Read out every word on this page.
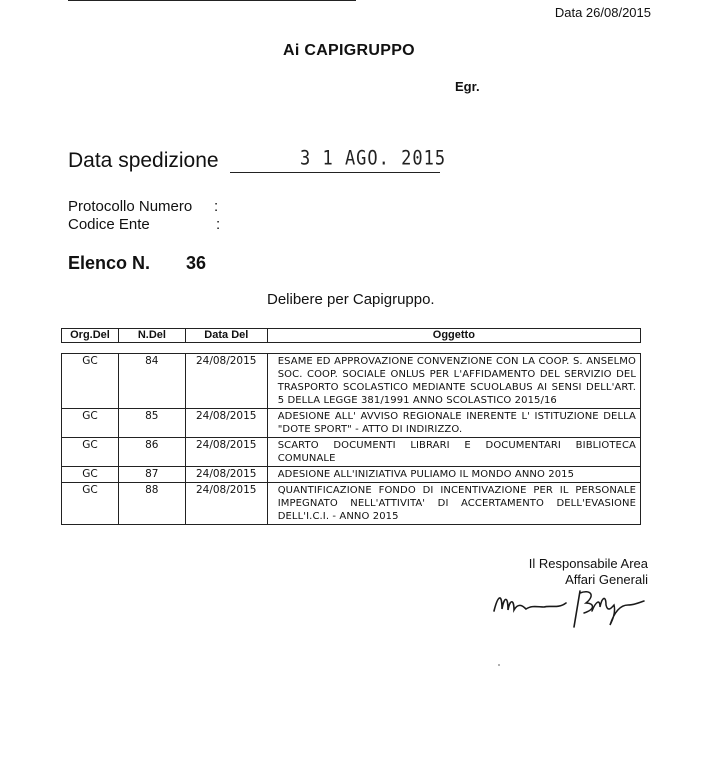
Data 26/08/2015
Ai CAPIGRUPPO
Egr.
Data spedizione	3 1 AGO. 2015
Protocollo Numero :
Codice Ente	:
Elenco N. 36
Delibere per Capigruppo.
Org.Del	N.Del	Data Del	Oggetto
GC	84	24/08/2015	ESAME ED APPROVAZIONE CONVENZIONE CON LA COOP. S. ANSELMO SOC. COOP. SOCIALE ONLUS PER L'AFFIDAMENTO DEL SERVIZIO DEL TRASPORTO SCOLASTICO MEDIANTE SCUOLABUS AI SENSI DELL'ART. 5 DELLA LEGGE 381/1991 ANNO SCOLASTICO 2015/16
GC	85	24/08/2015	ADESIONE ALL' AVVISO REGIONALE INERENTE L' ISTITUZIONE DELLA "DOTE SPORT" - ATTO DI INDIRIZZO.
GC	86	24/08/2015	SCARTO DOCUMENTI LIBRARI E DOCUMENTARI BIBLIOTECA COMUNALE
GC	87	24/08/2015	ADESIONE ALL'INIZIATIVA PULIAMO IL MONDO ANNO 2015
GC	88	24/08/2015	QUANTIFICAZIONE FONDO DI INCENTIVAZIONE PER IL PERSONALE IMPEGNATO NELL'ATTIVITA' DI ACCERTAMENTO DELL'EVASIONE DELL'I.C.I. - ANNO 2015
Il Responsabile Area
Affari Generali
